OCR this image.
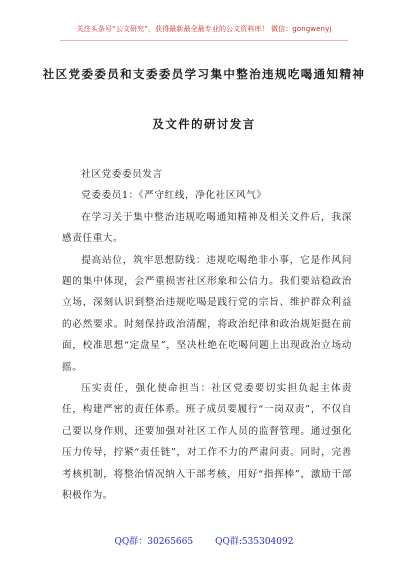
关注头条号“公文研究”，获得最新最全最专业的公文资料库！ 微信：gongwenyj
社区党委委员和支委委员学习集中整治违规吃喝通知精神
及文件的研讨发言

社区党委委员发言

党委委员1：《严守红线，净化社区风气》

在学习关于集中整治违规吃喝通知精神及相关文件后，我深感责任重大。

提高站位，筑牢思想防线：违规吃喝绝非小事，它是作风问题的集中体现，会严重损害社区形象和公信力。我们要站稳政治立场，深刻认识到整治违规吃喝是践行党的宗旨、维护群众利益的必然要求。时刻保持政治清醒，将政治纪律和政治规矩挺在前面，校准思想“定盘星”，坚决杜绝在吃喝问题上出现政治立场动摇。

压实责任，强化使命担当：社区党委要切实担负起主体责任，构建严密的责任体系。班子成员要履行“一岗双责”，不仅自己要以身作则，还要加强对社区工作人员的监督管理。通过强化压力传导，拧紧“责任链”，对工作不力的严肃问责。同时，完善考核机制，将整治情况纳入干部考核，用好“指挥棒”，激励干部积极作为。

QQ群：30265665 QQ群:535304092
